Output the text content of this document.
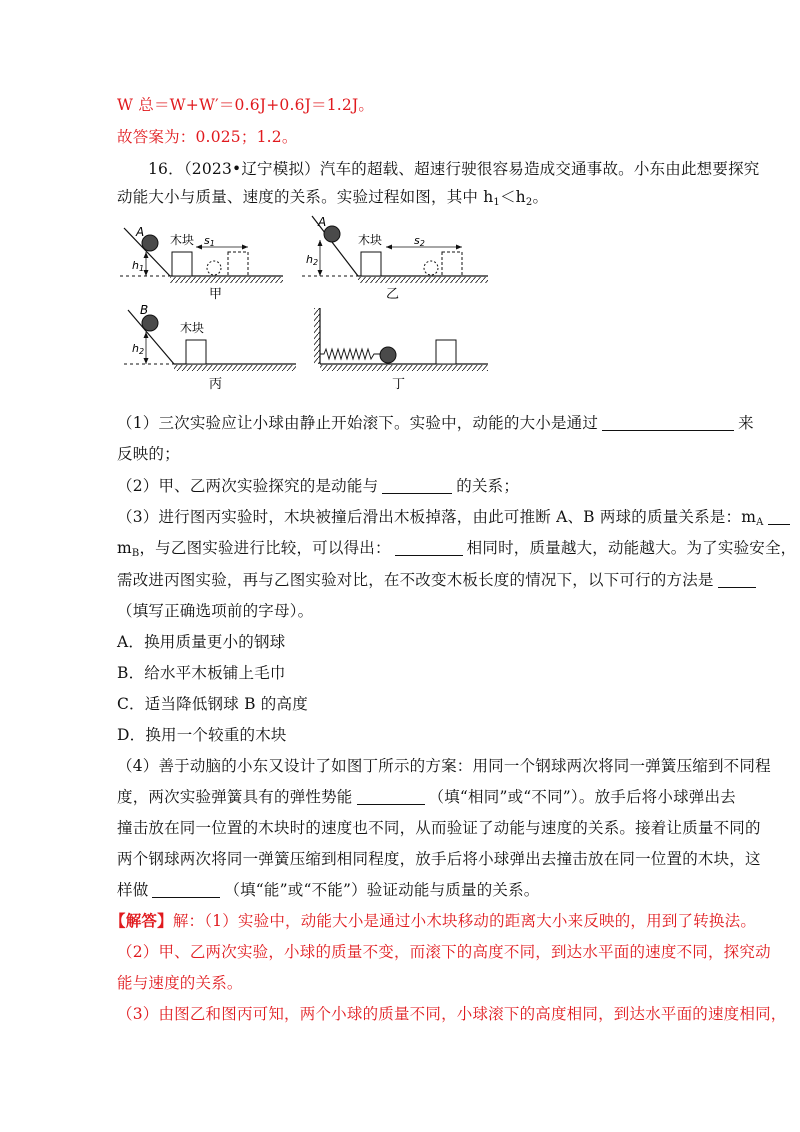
W 总＝W+W′＝0.6J+0.6J＝1.2J。
故答案为：0.025；1.2。
16．（2023•辽宁模拟）汽车的超载、超速行驶很容易造成交通事故。小东由此想要探究
动能大小与质量、速度的关系。实验过程如图，其中 $h_1<h_2$。
A
h1
木块 s1
甲
A
h2
木块	s2
乙
B
h2
木块
丙	丁
（1）三次实验应让小球由静止开始滚下。实验中，动能的大小是通过	来
反映的；
（2）甲、乙两次实验探究的是动能与	的关系；
（3）进行图丙实验时，木块被撞后滑出木板掉落，由此可推断 A、B 两球的质量关系是：$m_A$
$m_B$，与乙图实验进行比较，可以得出：	相同时，质量越大，动能越大。为了实验安全，
需改进丙图实验，再与乙图实验对比，在不改变木板长度的情况下，以下可行的方法是
（填写正确选项前的字母）。
A．换用质量更小的钢球
B．给水平木板铺上毛巾
C．适当降低钢球 B 的高度
D．换用一个较重的木块
（4）善于动脑的小东又设计了如图丁所示的方案：用同一个钢球两次将同一弹簧压缩到不同程
度，两次实验弹簧具有的弹性势能	（填“相同”或“不同”）。放手后将小球弹出去
撞击放在同一位置的木块时的速度也不同，从而验证了动能与速度的关系。接着让质量不同的
两个钢球两次将同一弹簧压缩到相同程度，放手后将小球弹出去撞击放在同一位置的木块，这
样做	（填“能”或“不能”）验证动能与质量的关系。
【解答】解：（1）实验中，动能大小是通过小木块移动的距离大小来反映的，用到了转换法。
（2）甲、乙两次实验，小球的质量不变，而滚下的高度不同，到达水平面的速度不同，探究动
能与速度的关系。
（3）由图乙和图丙可知，两个小球的质量不同，小球滚下的高度相同，到达水平面的速度相同，
